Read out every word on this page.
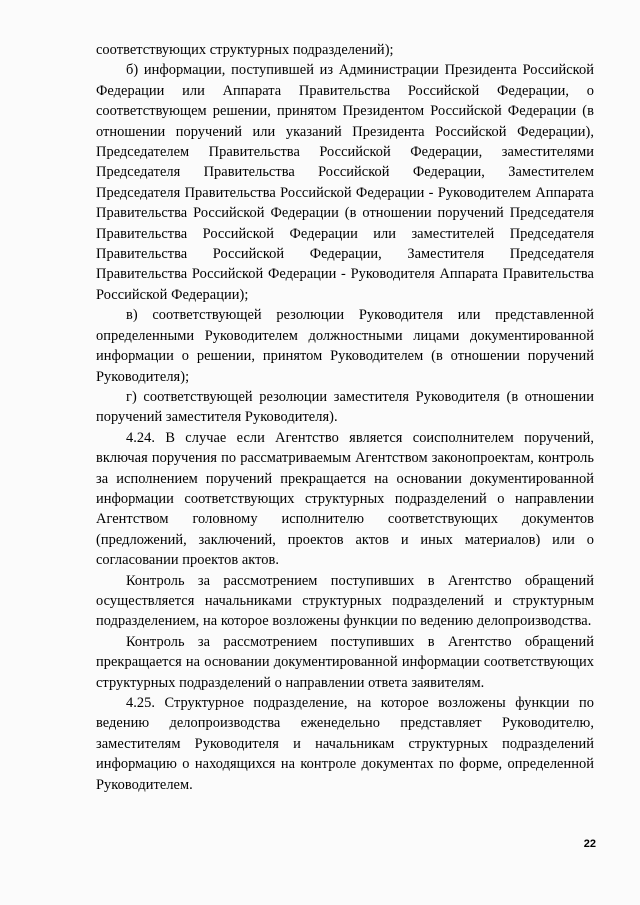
соответствующих структурных подразделений);

б) информации, поступившей из Администрации Президента Российской Федерации или Аппарата Правительства Российской Федерации, о соответствующем решении, принятом Президентом Российской Федерации (в отношении поручений или указаний Президента Российской Федерации), Председателем Правительства Российской Федерации, заместителями Председателя Правительства Российской Федерации, Заместителем Председателя Правительства Российской Федерации - Руководителем Аппарата Правительства Российской Федерации (в отношении поручений Председателя Правительства Российской Федерации или заместителей Председателя Правительства Российской Федерации, Заместителя Председателя Правительства Российской Федерации - Руководителя Аппарата Правительства Российской Федерации);

в) соответствующей резолюции Руководителя или представленной определенными Руководителем должностными лицами документированной информации о решении, принятом Руководителем (в отношении поручений Руководителя);

г) соответствующей резолюции заместителя Руководителя (в отношении поручений заместителя Руководителя).

4.24. В случае если Агентство является соисполнителем поручений, включая поручения по рассматриваемым Агентством законопроектам, контроль за исполнением поручений прекращается на основании документированной информации соответствующих структурных подразделений о направлении Агентством головному исполнителю соответствующих документов (предложений, заключений, проектов актов и иных материалов) или о согласовании проектов актов.

Контроль за рассмотрением поступивших в Агентство обращений осуществляется начальниками структурных подразделений и структурным подразделением, на которое возложены функции по ведению делопроизводства.

Контроль за рассмотрением поступивших в Агентство обращений прекращается на основании документированной информации соответствующих структурных подразделений о направлении ответа заявителям.

4.25. Структурное подразделение, на которое возложены функции по ведению делопроизводства еженедельно представляет Руководителю, заместителям Руководителя и начальникам структурных подразделений информацию о находящихся на контроле документах по форме, определенной Руководителем.

22
